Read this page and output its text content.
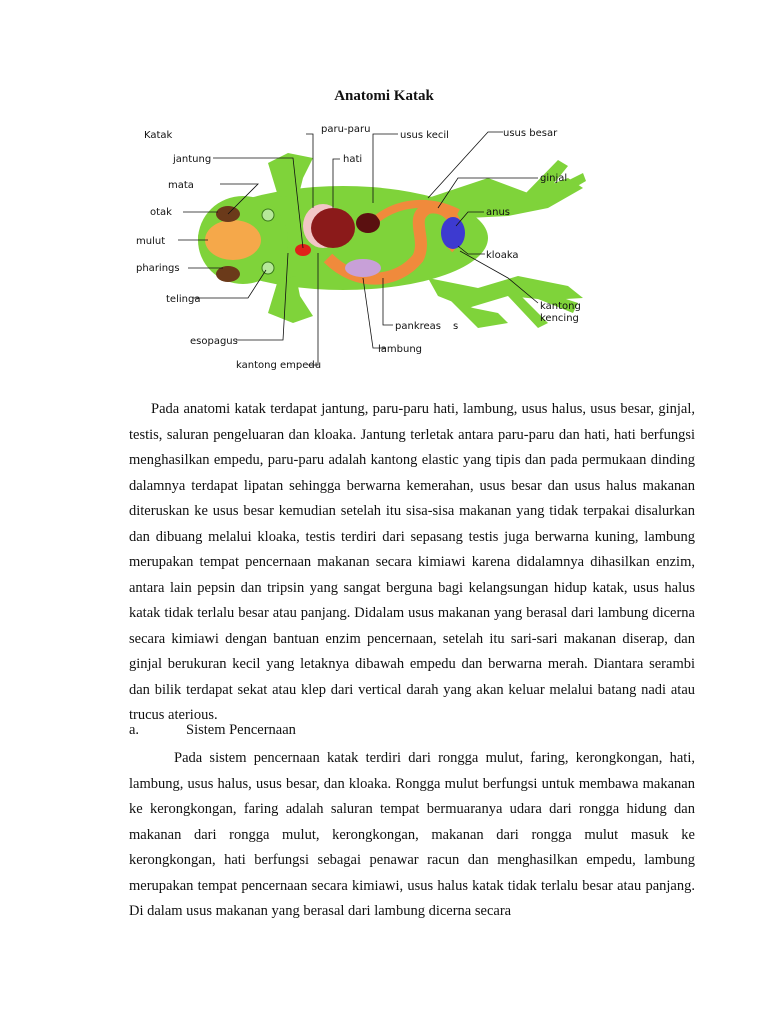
Anatomi Katak
Katak
jantung
mata
otak
mulut
pharings
telinga
esopagus
kantong empedu
paru-paru
hati
usus kecil	usus besar
ginjal
anus
kloaka
kantong kencing
pankreas s
lambung
Pada anatomi katak terdapat jantung, paru-paru hati, lambung, usus halus, usus besar, ginjal, testis, saluran pengeluaran dan kloaka. Jantung terletak antara paru-paru dan hati, hati berfungsi menghasilkan empedu, paru-paru adalah kantong elastic yang tipis dan pada permukaan dinding dalamnya terdapat lipatan sehingga berwarna kemerahan, usus besar dan usus halus makanan diteruskan ke usus besar kemudian setelah itu sisa-sisa makanan yang tidak terpakai disalurkan dan dibuang melalui kloaka, testis terdiri dari sepasang testis juga berwarna kuning, lambung merupakan tempat pencernaan makanan secara kimiawi karena didalamnya dihasilkan enzim, antara lain pepsin dan tripsin yang sangat berguna bagi kelangsungan hidup katak, usus halus katak tidak terlalu besar atau panjang. Didalam usus makanan yang berasal dari lambung dicerna secara kimiawi dengan bantuan enzim pencernaan, setelah itu sari-sari makanan diserap, dan ginjal berukuran kecil yang letaknya dibawah empedu dan berwarna merah. Diantara serambi dan bilik terdapat sekat atau klep dari vertical darah yang akan keluar melalui batang nadi atau trucus aterious.
a.	Sistem Pencernaan
Pada sistem pencernaan katak terdiri dari rongga mulut, faring, kerongkongan, hati, lambung, usus halus, usus besar, dan kloaka. Rongga mulut berfungsi untuk membawa makanan ke kerongkongan, faring adalah saluran tempat bermuaranya udara dari rongga hidung dan makanan dari rongga mulut, kerongkongan, makanan dari rongga mulut masuk ke kerongkongan, hati berfungsi sebagai penawar racun dan menghasilkan empedu, lambung merupakan tempat pencernaan secara kimiawi, usus halus katak tidak terlalu besar atau panjang. Di dalam usus makanan yang berasal dari lambung dicerna secara
